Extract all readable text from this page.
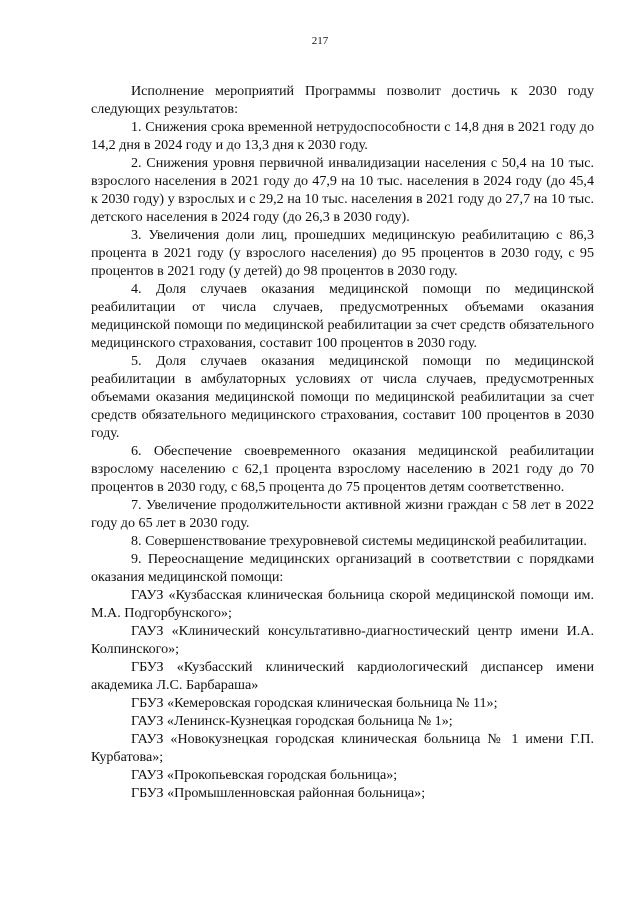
217

Исполнение мероприятий Программы позволит достичь к 2030 году следующих результатов:

1. Снижения срока временной нетрудоспособности с 14,8 дня в 2021 году до 14,2 дня в 2024 году и до 13,3 дня к 2030 году.

2. Снижения уровня первичной инвалидизации населения с 50,4 на 10 тыс. взрослого населения в 2021 году до 47,9 на 10 тыс. населения в 2024 году (до 45,4 к 2030 году) у взрослых и с 29,2 на 10 тыс. населения в 2021 году до 27,7 на 10 тыс. детского населения в 2024 году (до 26,3 в 2030 году).

3. Увеличения доли лиц, прошедших медицинскую реабилитацию с 86,3 процента в 2021 году (у взрослого населения) до 95 процентов в 2030 году, с 95 процентов в 2021 году (у детей) до 98 процентов в 2030 году.

4. Доля случаев оказания медицинской помощи по медицинской реабилитации от числа случаев, предусмотренных объемами оказания медицинской помощи по медицинской реабилитации за счет средств обязательного медицинского страхования, составит 100 процентов в 2030 году.

5. Доля случаев оказания медицинской помощи по медицинской реабилитации в амбулаторных условиях от числа случаев, предусмотренных объемами оказания медицинской помощи по медицинской реабилитации за счет средств обязательного медицинского страхования, составит 100 процентов в 2030 году.

6. Обеспечение своевременного оказания медицинской реабилитации взрослому населению с 62,1 процента взрослому населению в 2021 году до 70 процентов в 2030 году, с 68,5 процента до 75 процентов детям соответственно.

7. Увеличение продолжительности активной жизни граждан с 58 лет в 2022 году до 65 лет в 2030 году.

8. Совершенствование трехуровневой системы медицинской реабилитации.

9. Переоснащение медицинских организаций в соответствии с порядками оказания медицинской помощи:

ГАУЗ «Кузбасская клиническая больница скорой медицинской помощи им. М.А. Подгорбунского»;

ГАУЗ «Клинический консультативно-диагностический центр имени И.А. Колпинского»;

ГБУЗ «Кузбасский клинический кардиологический диспансер имени академика Л.С. Барбараша»

ГБУЗ «Кемеровская городская клиническая больница № 11»;

ГАУЗ «Ленинск-Кузнецкая городская больница № 1»;

ГАУЗ «Новокузнецкая городская клиническая больница № 1 имени Г.П. Курбатова»;

ГАУЗ «Прокопьевская городская больница»;

ГБУЗ «Промышленновская районная больница»;
